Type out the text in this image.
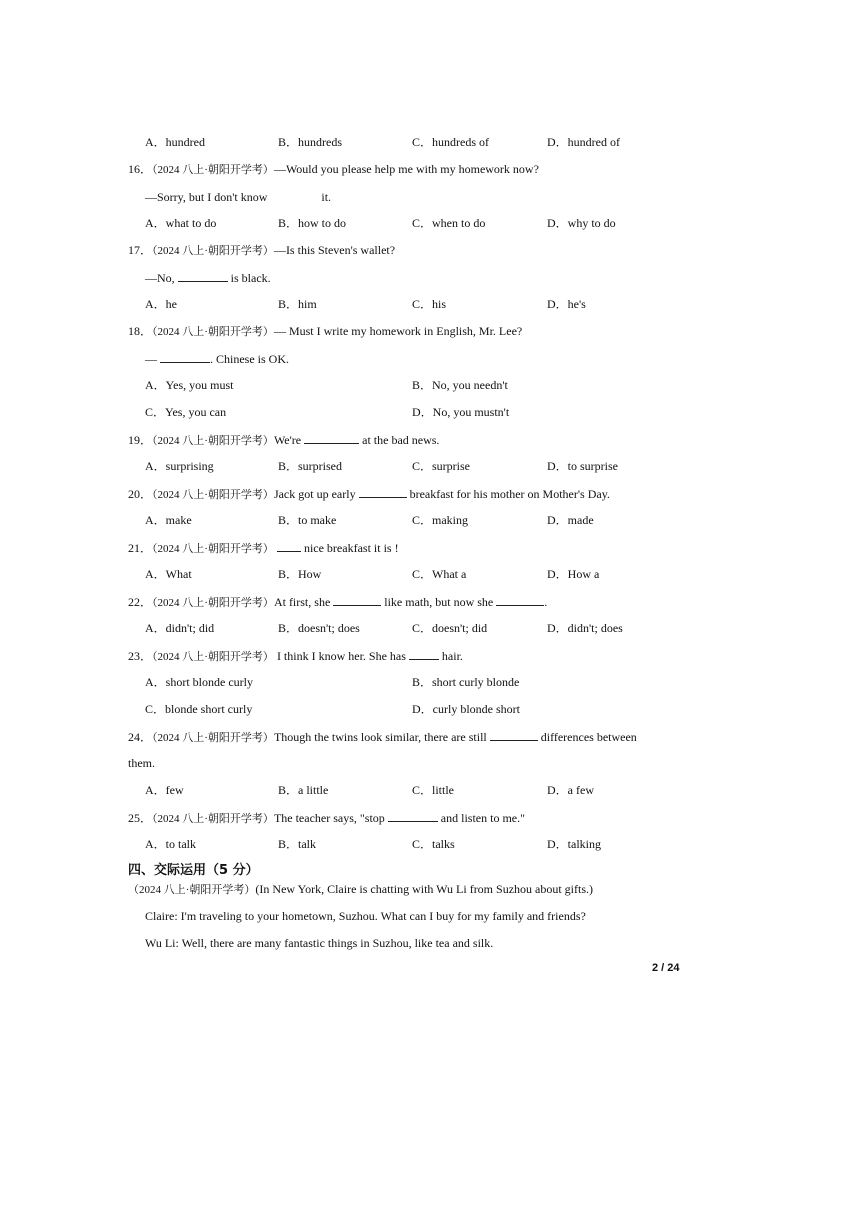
A．hundred	B．hundreds	C．hundreds of	D．hundred of
16．（2024 八上·朝阳开学考）—Would you please help me with my homework now?
—Sorry, but I don't know	it.
A．what to do	B．how to do	C．when to do	D．why to do
17．（2024 八上·朝阳开学考）—Is this Steven's wallet?
—No,	is black.
A．he	B．him	C．his	D．he's
18．（2024 八上·朝阳开学考）— Must I write my homework in English, Mr. Lee?
—	. Chinese is OK.
A．Yes, you must	B．No, you needn't
C．Yes, you can	D．No, you mustn't
19．（2024 八上·朝阳开学考）We're	at the bad news.
A．surprising	B．surprised	C．surprise	D．to surprise
20．（2024 八上·朝阳开学考）Jack got up early	breakfast for his mother on Mother's Day.
A．make	B．to make	C．making	D．made
21．（2024 八上·朝阳开学考）	nice breakfast it is !
A．What	B．How	C．What a	D．How a
22．（2024 八上·朝阳开学考）At first, she	like math, but now she	.
A．didn't; did	B．doesn't; does	C．doesn't; did	D．didn't; does
23．（2024 八上·朝阳开学考） I think I know her. She has	hair.
A．short blonde curly	B．short curly blonde
C．blonde short curly	D．curly blonde short
24．（2024 八上·朝阳开学考）Though the twins look similar, there are still	differences between
them.
A．few	B．a little	C．little	D．a few
25．（2024 八上·朝阳开学考）The teacher says, "stop	and listen to me."
A．to talk	B．talk	C．talks	D．talking
四、交际运用（5 分）
（2024 八上·朝阳开学考）(In New York, Claire is chatting with Wu Li from Suzhou about gifts.)
Claire: I'm traveling to your hometown, Suzhou. What can I buy for my family and friends?
Wu Li: Well, there are many fantastic things in Suzhou, like tea and silk.
2 / 24
